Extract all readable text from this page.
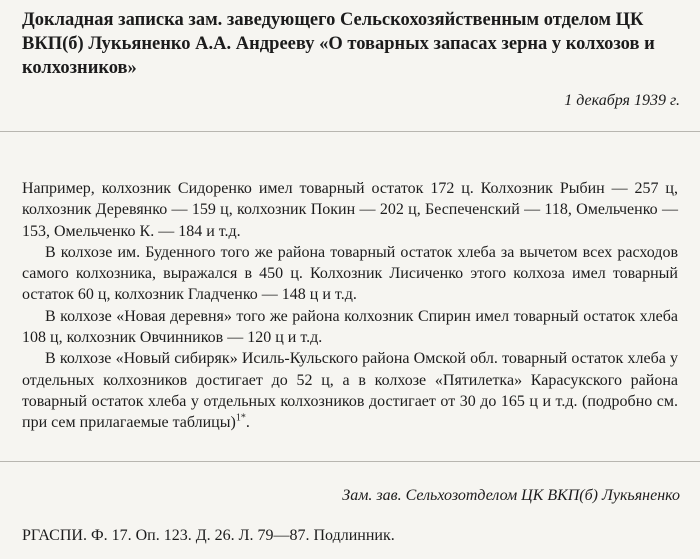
Докладная записка зам. заведующего Сельскохозяйственным отделом ЦК ВКП(б) Лукьяненко А.А. Андрееву «О товарных запасах зерна у колхозов и колхозников»
1 декабря 1939 г.

Например, колхозник Сидоренко имел товарный остаток 172 ц. Колхозник Рыбин — 257 ц, колхозник Деревянко — 159 ц, колхозник Покин — 202 ц, Беспеченский — 118, Омельченко — 153, Омельченко К. — 184 и т.д.

В колхозе им. Буденного того же района товарный остаток хлеба за вычетом всех расходов самого колхозника, выражался в 450 ц. Колхозник Лисиченко этого колхоза имел товарный остаток 60 ц, колхозник Гладченко — 148 ц и т.д.

В колхозе «Новая деревня» того же района колхозник Спирин имел товарный остаток хлеба 108 ц, колхозник Овчинников — 120 ц и т.д.

В колхозе «Новый сибиряк» Исиль-Кульского района Омской обл. товарный остаток хлеба у отдельных колхозников достигает до 52 ц, а в колхозе «Пятилетка» Карасукского района товарный остаток хлеба у отдельных колхозников достигает от 30 до 165 ц и т.д. (подробно см. при сем прилагаемые таблицы)$^{1*}$.

Зам. зав. Сельхозотделом ЦК ВКП(б) Лукьяненко
РГАСПИ. Ф. 17. Оп. 123. Д. 26. Л. 79—87. Подлинник.
